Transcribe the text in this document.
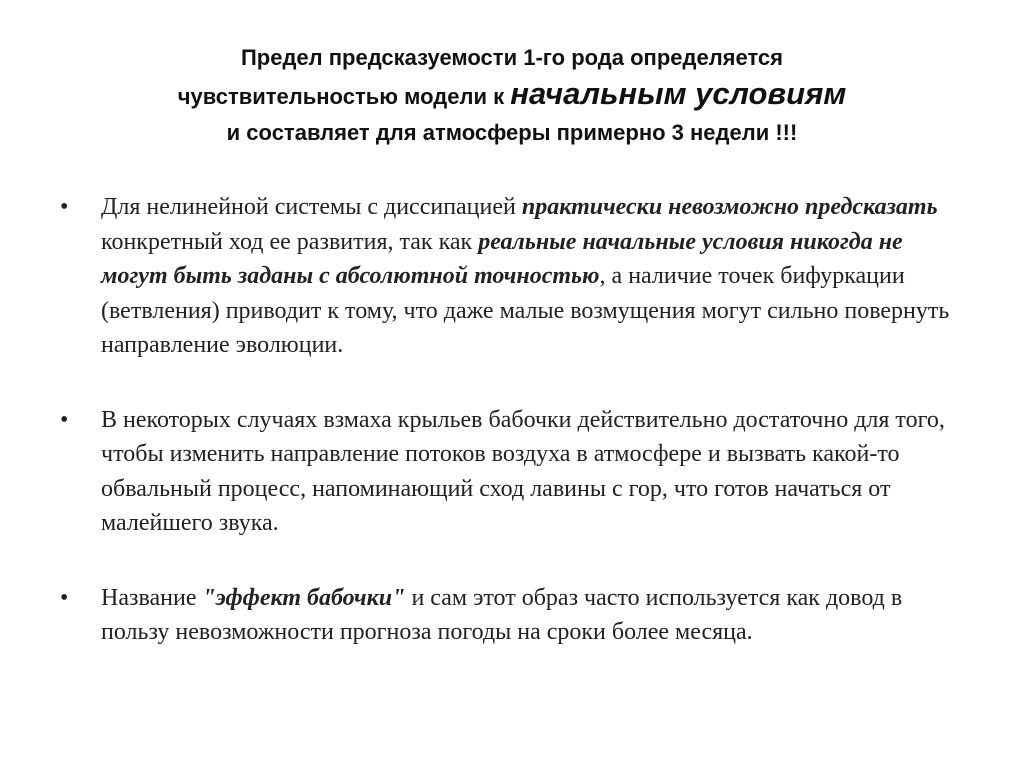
Предел предсказуемости 1-го рода определяется
чувствительностью модели к начальным условиям
и составляет для атмосферы примерно 3 недели !!!
•	Для нелинейной системы с диссипацией практически невозможно предсказать конкретный ход ее развития, так как реальные начальные условия никогда не могут быть заданы с абсолютной точностью, а наличие точек бифуркации (ветвления) приводит к тому, что даже малые возмущения могут сильно повернуть направление эволюции.
•	В некоторых случаях взмаха крыльев бабочки действительно достаточно для того, чтобы изменить направление потоков воздуха в атмосфере и вызвать какой-то обвальный процесс, напоминающий сход лавины с гор, что готов начаться от малейшего звука.
•	Название "эффект бабочки" и сам этот образ часто используется как довод в пользу невозможности прогноза погоды на сроки более месяца.
